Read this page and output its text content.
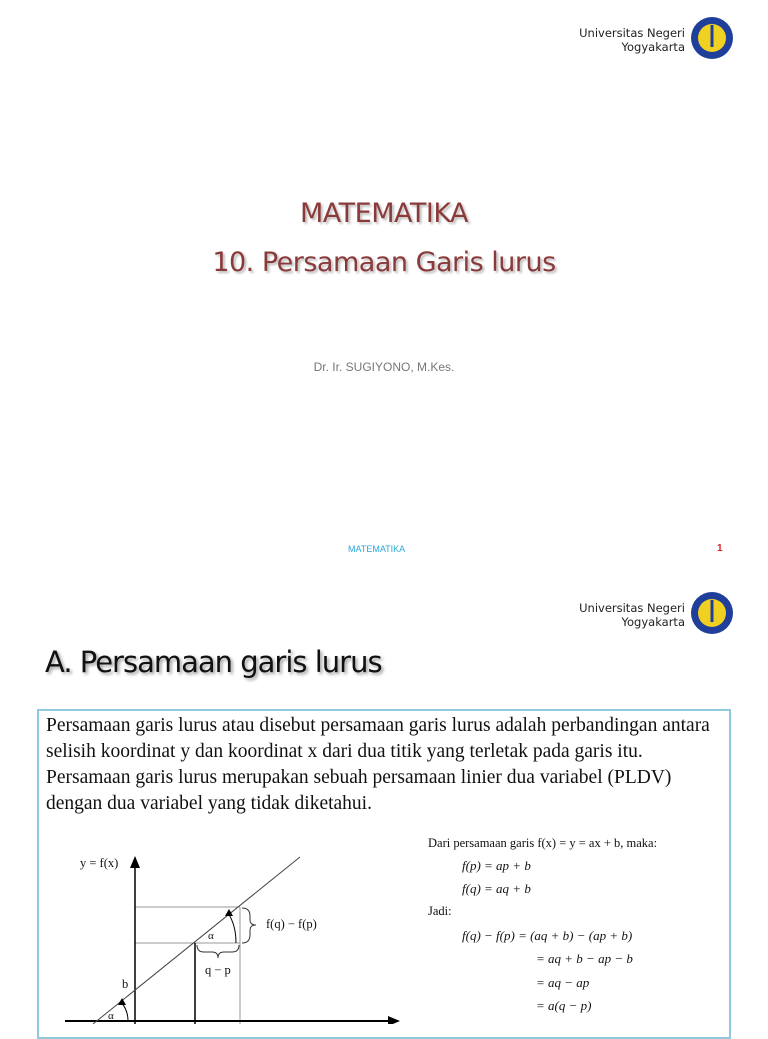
Universitas Negeri
Yogyakarta
MATEMATIKA
10. Persamaan Garis lurus
Dr. Ir. SUGIYONO, M.Kes.
MATEMATIKA	1
Universitas Negeri
Yogyakarta
A. Persamaan garis lurus
Persamaan garis lurus atau disebut persamaan garis lurus adalah perbandingan antara selisih koordinat y dan koordinat x dari dua titik yang terletak pada garis itu. Persamaan garis lurus merupakan sebuah persamaan linier dua variabel (PLDV) dengan dua variabel yang tidak diketahui.
y = f(x)
α
α
b
f(q) − f(p)
q − p
Dari persamaan garis f(x) = y = ax + b, maka:
f(p) = ap + b
f(q) = aq + b
Jadi:
f(q) − f(p) = (aq + b) − (ap + b)
= aq + b − ap − b
= aq − ap
= a(q − p)
